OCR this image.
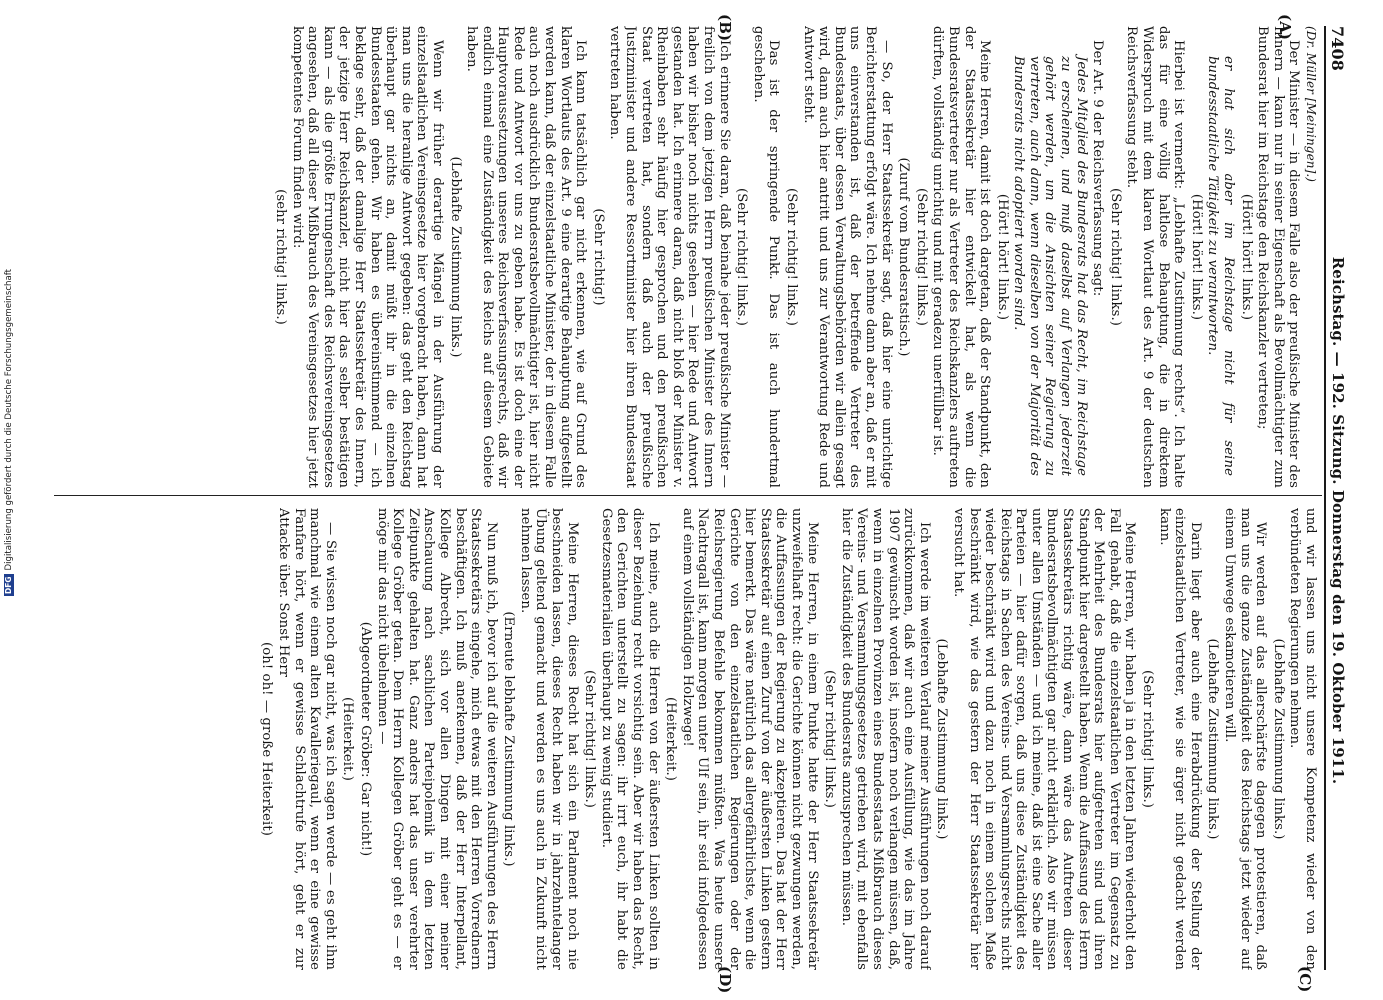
7408
Reichstag. — 192. Sitzung. Donnerstag den 19. Oktober 1911.
(A)
(B)
(C)
(D)

(Dr. Müller [Meiningen].)

Der Minister — in diesem Falle also der preußische Minister des Innern — kann nur in seiner Eigenschaft als Bevollmächtigter zum Bundesrat hier im Reichstage den Reichskanzler vertreten;

(Hört! hört! links.)

er hat sich aber im Reichstage nicht für seine bundesstaatliche Tätigkeit zu verantworten.

(Hört! hört! links.)

Hierbei ist vermerkt: „Lebhafte Zustimmung rechts“. Ich halte das für eine völlig haltlose Behauptung, die in direktem Widerspruch mit dem klaren Wortlaut des Art. 9 der deutschen Reichsverfassung steht.

(Sehr richtig! links.)

Der Art. 9 der Reichsverfassung sagt:

Jedes Mitglied des Bundesrats hat das Recht, im Reichstage zu erscheinen, und muß daselbst auf Verlangen jederzeit gehört werden, um die Ansichten seiner Regierung zu vertreten, auch dann, wenn dieselben von der Majorität des Bundesrats nicht adoptiert worden sind.

(Hört! hört! links.)

Meine Herren, damit ist doch dargetan, daß der Standpunkt, den der Staatssekretär hier entwickelt hat, als wenn die Bundesratsvertreter nur als Vertreter des Reichskanzlers auftreten dürften, vollständig unrichtig und mit geradezu unerfüllbar ist.

(Sehr richtig! links.)

(Zuruf vom Bundesratstisch.)

— So, der Herr Staatssekretär sagt, daß hier eine unrichtige Berichterstattung erfolgt wäre. Ich nehme dann aber an, daß er mit uns einverstanden ist, daß der betreffende Vertreter des Bundesstaats, über dessen Verwaltungsbehörden wir allein gesagt wird, dann auch hier antritt und uns zur Verantwortung Rede und Antwort steht.

(Sehr richtig! links.)

Das ist der springende Punkt. Das ist auch hundertmal geschehen.

(Sehr richtig! links.)

Ich erinnere Sie daran, daß beinahe jeder preußische Minister — freilich von dem jetzigen Herrn preußischen Minister des Innern haben wir bisher noch nichts gesehen — hier Rede und Antwort gestanden hat. Ich erinnere daran, daß nicht bloß der Minister v. Rheinbaben sehr häufig hier gesprochen und den preußischen Staat vertreten hat, sondern daß auch der preußische Justizminister und andere Ressortminister hier ihren Bundesstaat vertreten haben.

(Sehr richtig!)

Ich kann tatsächlich gar nicht erkennen, wie auf Grund des klaren Wortlauts des Art. 9 eine derartige Behauptung aufgestellt werden kann, daß der einzelstaatliche Minister, der in diesem Falle auch noch ausdrücklich Bundesratsbevollmächtigter ist, hier nicht Rede und Antwort vor uns zu geben habe. Es ist doch eine der Hauptvoraussetzungen unseres Reichsverfassungsrechts, daß wir endlich einmal eine Zuständigkeit des Reichs auf diesem Gebiete haben.

(Lebhafte Zustimmung links.)

Wenn wir früher derartige Mängel in der Ausführung der einzelstaatlichen Vereinsgesetze hier vorgebracht haben, dann hat man uns die heranlige Antwort gegeben: das geht den Reichstag überhaupt gar nichts an, damit müßt ihr in die einzelnen Bundesstaaten gehen. Wir haben es übereinstimmend — ich beklage sehr, daß der damalige Herr Staatssekretär des Innern, der jetzige Herr Reichskanzler, nicht hier das selber bestätigen kann — als die größte Errungenschaft des Reichsvereinsgesetzes angesehen, daß all dieser Mißbrauch des Vereinsgesetzes hier jetzt kompetentes Forum finden wird:

(sehr richtig! links.)

und wir lassen uns nicht unsere Kompetenz wieder von den verbündeten Regierungen nehmen.

(Lebhafte Zustimmung links.)

Wir werden auf das allerschärfste dagegen protestieren, daß man uns die ganze Zuständigkeit des Reichstags jetzt wieder auf einem Umwege eskamotieren will.

(Lebhafte Zustimmung links.)

Darin liegt aber auch eine Herabdrückung der Stellung der einzelstaatlichen Vertreter, wie sie ärger nicht gedacht werden kann.

(Sehr richtig! links.)

Meine Herren, wir haben ja in den letzten Jahren wiederholt den Fall gehabt, daß die einzelstaatlichen Vertreter im Gegensatz zu der Mehrheit des Bundesrats hier aufgetreten sind und ihren Standpunkt hier dargestellt haben. Wenn die Auffassung des Herrn Staatssekretärs richtig wäre, dann wäre das Auftreten dieser Bundesratsbevollmächtigten gar nicht erklärlich. Also wir müssen unter allen Umständen — und ich meine, daß ist eine Sache aller Parteien — hier dafür sorgen, daß uns diese Zuständigkeit des Reichstags in Sachen des Vereins- und Versammlungsrechts nicht wieder beschränkt wird und dazu noch in einem solchen Maße beschränkt wird, wie das gestern der Herr Staatssekretär hier versucht hat.

(Lebhafte Zustimmung links.)

Ich werde im weiteren Verlauf meiner Ausführungen noch darauf zurückkommen, daß wir auch eine Ausfüllung, wie das im Jahre 1907 gewünscht worden ist, insofern noch verlangen müssen, daß, wenn in einzelnen Provinzen eines Bundesstaats Mißbrauch dieses Vereins- und Versammlungsgesetzes getrieben wird, mit ebenfalls hier die Zuständigkeit des Bundesrats anzusprechen müssen.

(Sehr richtig! links.)

Meine Herren, in einem Punkte hatte der Herr Staatssekretär unzweifelhaft recht: die Gerichte können nicht gezwungen werden, die Auffassungen der Regierung zu akzeptieren. Das hat der Herr Staatssekretär auf einen Zuruf von der äußersten Linken gestern hier bemerkt. Das wäre natürlich das allergefährlichste, wenn die Gerichte von den einzelstaatlichen Regierungen oder der Reichsregierung Befehle bekommen müßten. Was heute unsere Nachtragall ist, kann morgen unter Ulf sein, ihr seid infolgedessen auf einem vollständigen Holzwege!

(Heiterkeit.)

Ich meine, auch die Herren von der äußersten Linken sollten in dieser Beziehung recht vorsichtig sein. Aber wir haben das Recht, den Gerichten unterstellt zu sagen: ihr irrt euch, ihr habt die Gesetzesmaterialien überhaupt zu wenig studiert.

(Sehr richtig! links.)

Meine Herren, dieses Recht hat sich ein Parlament noch nie beschneiden lassen, dieses Recht haben wir in jahrzehntelanger Übung geltend gemacht und werden es uns auch in Zukunft nicht nehmen lassen.

(Erneute lebhafte Zustimmung links.)

Nun muß ich, bevor ich auf die weiteren Ausführungen des Herrn Staatssekretärs eingehe, mich etwas mit den Herren Vorrednern beschäftigen. Ich muß anerkennen, daß der Herr Interpellant, Kollege Albrecht, sich vor allen Dingen mit einer meiner Anschauung nach sachlichen Parteipolemik in dem letzten Zeitpunkte gehalten hat. Ganz anders hat das unser verehrter Kollege Gröber getan. Dem Herrn Kollegen Gröber geht es — er möge mir das nicht übelnehmen —

(Abgeordneter Gröber: Gar nicht!)

(Heiterkeit.)

— Sie wissen noch gar nicht, was ich sagen werde — es geht ihm manchmal wie einem alten Kavalleriegaul, wenn er eine gewisse Fanfare hört, wenn er gewisse Schlachtrufe hört, geht er zur Attacke über. Sonst Herr

(oh! oh! — große Heiterkeit)

DFG
Digitalisierung gefördert durch die Deutsche Forschungsgemeinschaft
